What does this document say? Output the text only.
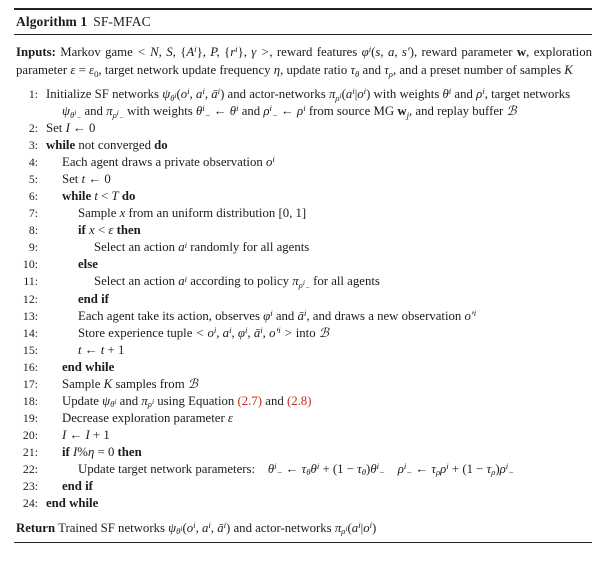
Algorithm 1 SF-MFAC

Inputs: Markov game < N, S, $\{A^i\}$, P, $\{r^i\}$, γ >, reward features $\varphi^i(s$, a, s′), reward parameter w, exploration parameter $\varepsilon = \varepsilon_0$, target network update frequency η, update ratio $\tau_\theta$ and $\tau_\rho$, and a preset number of samples K

1: Initialize SF networks $\psi_{\theta^i}(o^i$, $a^i$, $ā^i$) and actor-networks $\pi_{\rho^i}(a^i|o^i)$ with weights $\theta^i$ and $\rho^i$, target networks $\psi_{\theta^i_-}$ and $\pi_{\rho^i_-}$ with weights $\theta^i_-$ ← $\theta^i$ and $\rho^i_-$ ← $\rho^i$ from source MG $w_j$, and replay buffer ℬ
2: Set I ← 0
3: while not converged do
4:	Each agent draws a private observation $o^i$
5:	Set t ← 0
6:	while t < T do
7:	Sample x from an uniform distribution [0, 1]
8:	if x < ε then
9:	Select an action $a^i$ randomly for all agents
10:	else
11:	Select an action $a^i$ according to policy $\pi_{\rho^i_-}$ for all agents
12:	end if
13:	Each agent take its action, observes $\varphi^i$ and $ā^i$, and draws a new observation $o'^i$
14:	Store experience tuple < $o^i$, $a^i$, $\varphi^i$, $ā^i$, $o'^i$ > into ℬ
15:	t ← t + 1
16:	end while
17:	Sample K samples from ℬ
18:	Update $\psi_{\theta^i}$ and $\pi_{\rho^i}$ using Equation (2.7) and (2.8)
19:	Decrease exploration parameter ε
20:	I ← I + 1
21:	if I%η = 0 then
22:	Update target network parameters:    $\theta^i_-$ ← $\tau_\theta\theta^i + (1 - \tau_\theta)\theta^i_-$ $\rho^i_-$ ← $\tau_\rho\rho^i + (1 - \tau_\rho)\rho^i_-$
23:	end if
24: end while

Return Trained SF networks $\psi_{\theta^i}(o^i$, $a^i$, $ā^i$) and actor-networks $\pi_{\rho^i}(a^i|o^i)$
